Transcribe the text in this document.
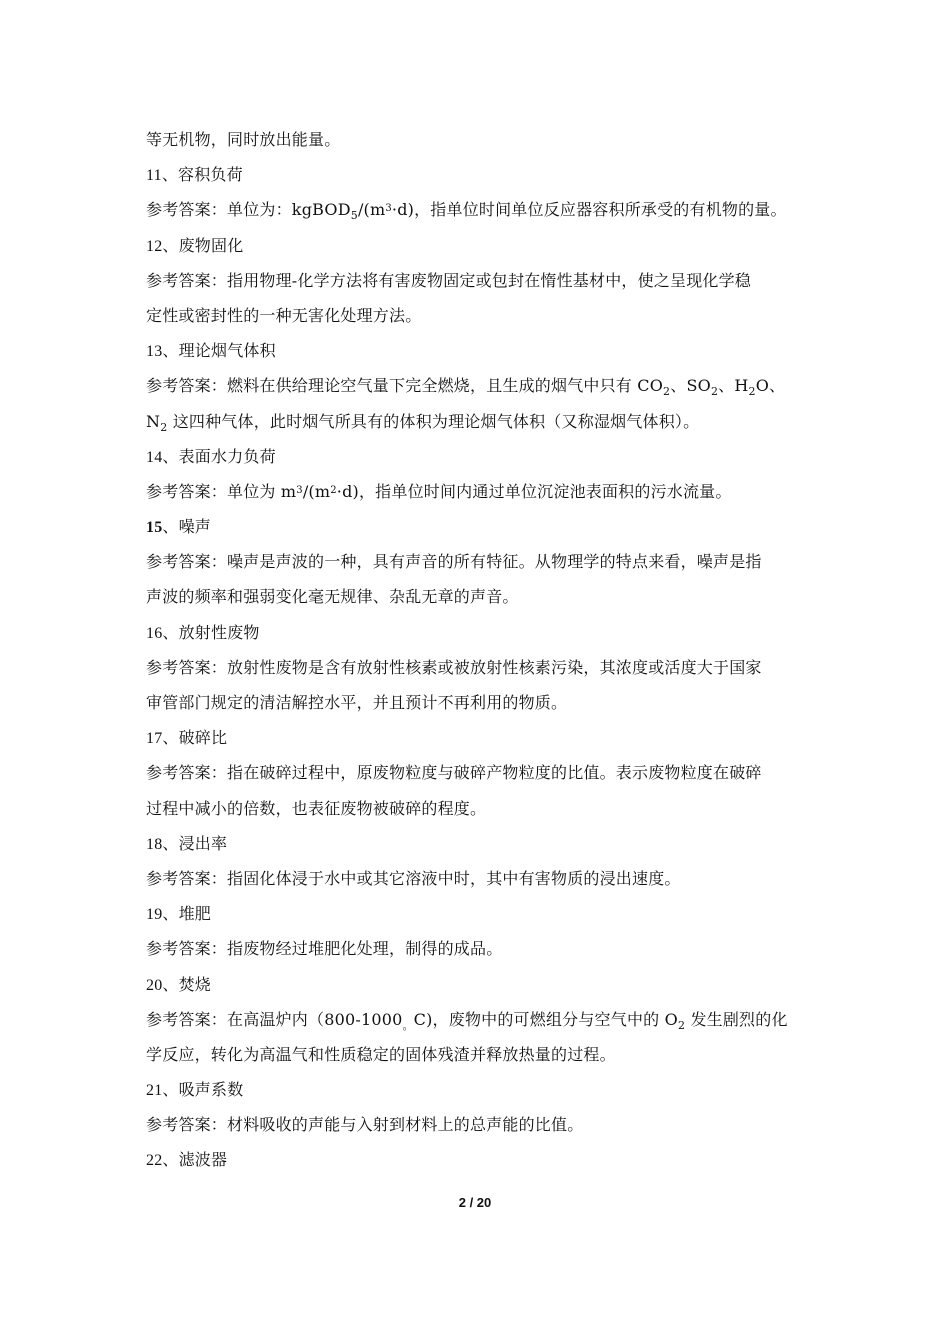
等无机物，同时放出能量。
11、容积负荷
参考答案：单位为：$kgBOD_5/(m^3\cdot d)$，指单位时间单位反应器容积所承受的有机物的量。
12、废物固化
参考答案：指用物理-化学方法将有害废物固定或包封在惰性基材中，使之呈现化学稳
定性或密封性的一种无害化处理方法。
13、理论烟气体积
参考答案：燃料在供给理论空气量下完全燃烧，且生成的烟气中只有 $CO_2$、$SO_2$、$H_2O$、
$N_2$ 这四种气体，此时烟气所具有的体积为理论烟气体积（又称湿烟气体积）。
14、表面水力负荷
参考答案：单位为 $m^3/(m^2\cdot d)$，指单位时间内通过单位沉淀池表面积的污水流量。
15、噪声
参考答案：噪声是声波的一种，具有声音的所有特征。从物理学的特点来看，噪声是指
声波的频率和强弱变化毫无规律、杂乱无章的声音。
16、放射性废物
参考答案：放射性废物是含有放射性核素或被放射性核素污染，其浓度或活度大于国家
审管部门规定的清洁解控水平，并且预计不再利用的物质。
17、破碎比
参考答案：指在破碎过程中，原废物粒度与破碎产物粒度的比值。表示废物粒度在破碎
过程中减小的倍数，也表征废物被破碎的程度。
18、浸出率
参考答案：指固化体浸于水中或其它溶液中时，其中有害物质的浸出速度。
19、堆肥
参考答案：指废物经过堆肥化处理，制得的成品。
20、焚烧
参考答案：在高温炉内$(800-1000_。C)$，废物中的可燃组分与空气中的 $O_2$ 发生剧烈的化
学反应，转化为高温气和性质稳定的固体残渣并释放热量的过程。
21、吸声系数
参考答案：材料吸收的声能与入射到材料上的总声能的比值。
22、滤波器
2 / 20
